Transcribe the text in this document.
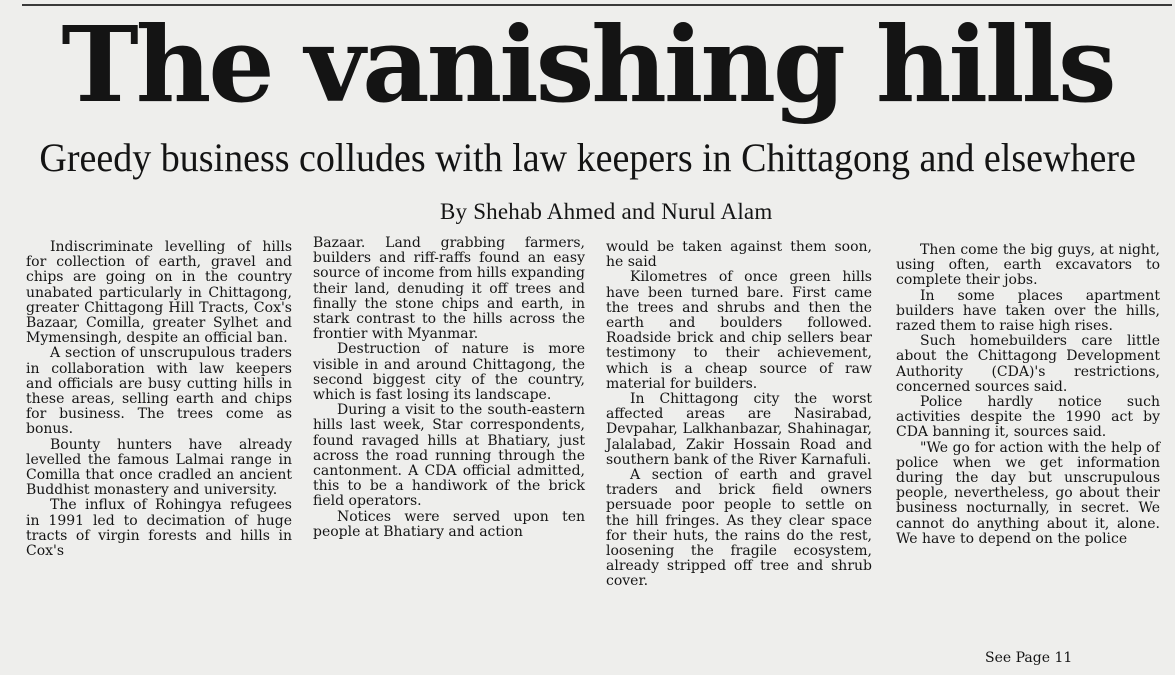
The vanishing hills
Greedy business colludes with law keepers in Chittagong and elsewhere
By Shehab Ahmed and Nurul Alam

Indiscriminate levelling of hills for collection of earth, gravel and chips are going on in the country unabated particularly in Chittagong, greater Chittagong Hill Tracts, Cox's Bazaar, Comilla, greater Sylhet and Mymensingh, despite an official ban.

A section of unscrupulous traders in collaboration with law keepers and officials are busy cutting hills in these areas, selling earth and chips for business. The trees come as bonus.

Bounty hunters have already levelled the famous Lalmai range in Comilla that once cradled an ancient Buddhist monastery and university.

The influx of Rohingya refugees in 1991 led to decimation of huge tracts of virgin forests and hills in Cox's

Bazaar. Land grabbing farmers, builders and riff-raffs found an easy source of income from hills expanding their land, denuding it off trees and finally the stone chips and earth, in stark contrast to the hills across the frontier with Myanmar.

Destruction of nature is more visible in and around Chittagong, the second biggest city of the country, which is fast losing its landscape.

During a visit to the south-eastern hills last week, Star correspondents, found ravaged hills at Bhatiary, just across the road running through the cantonment. A CDA official admitted, this to be a handiwork of the brick field operators.

Notices were served upon ten people at Bhatiary and action

would be taken against them soon, he said

Kilometres of once green hills have been turned bare. First came the trees and shrubs and then the earth and boulders followed. Roadside brick and chip sellers bear testimony to their achievement, which is a cheap source of raw material for builders.

In Chittagong city the worst affected areas are Nasirabad, Devpahar, Lalkhanbazar, Shahinagar, Jalalabad, Zakir Hossain Road and southern bank of the River Karnafuli.

A section of earth and gravel traders and brick field owners persuade poor people to settle on the hill fringes. As they clear space for their huts, the rains do the rest, loosening the fragile ecosystem, already stripped off tree and shrub cover.

Then come the big guys, at night, using often, earth excavators to complete their jobs.

In some places apartment builders have taken over the hills, razed them to raise high rises.

Such homebuilders care little about the Chittagong Development Authority (CDA)'s restrictions, concerned sources said.

Police hardly notice such activities despite the 1990 act by CDA banning it, sources said.

"We go for action with the help of police when we get information during the day but unscrupulous people, nevertheless, go about their business nocturnally, in secret. We cannot do anything about it, alone. We have to depend on the police

See Page 11
